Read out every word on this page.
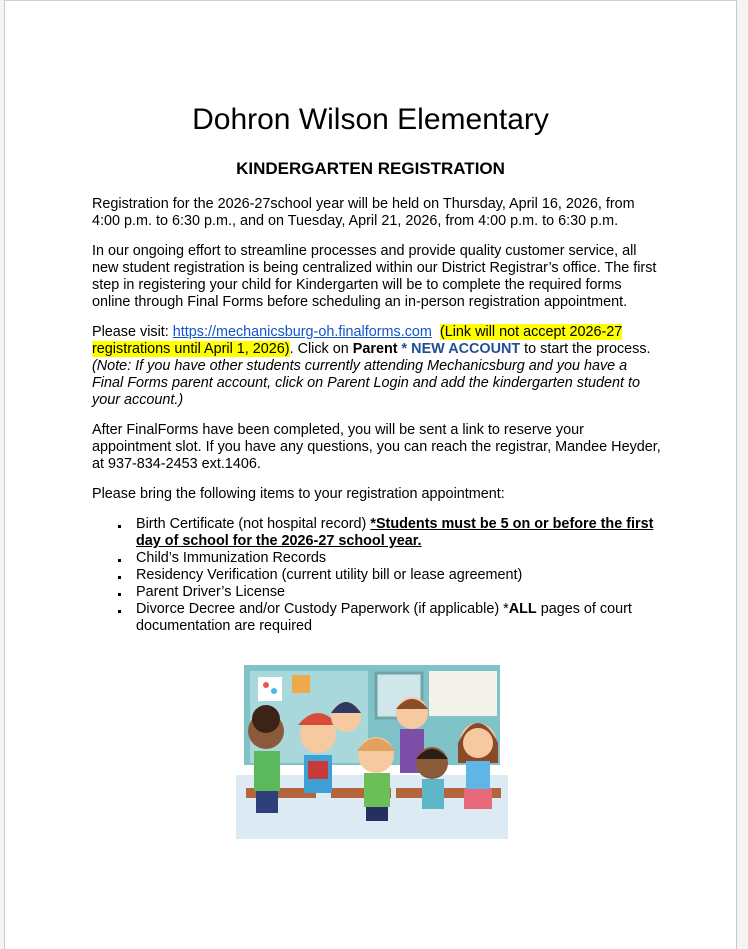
Dohron Wilson Elementary
KINDERGARTEN REGISTRATION

Registration for the 2026-27school year will be held on Thursday, April 16, 2026, from 4:00 p.m. to 6:30 p.m., and on Tuesday, April 21, 2026, from 4:00 p.m. to 6:30 p.m.

In our ongoing effort to streamline processes and provide quality customer service, all new student registration is being centralized within our District Registrar’s office. The first step in registering your child for Kindergarten will be to complete the required forms online through Final Forms before scheduling an in-person registration appointment.

Please visit: https://mechanicsburg-oh.finalforms.com (Link will not accept 2026-27 registrations until April 1, 2026). Click on Parent * NEW ACCOUNT to start the process.
(Note: If you have other students currently attending Mechanicsburg and you have a Final Forms parent account, click on Parent Login and add the kindergarten student to your account.)

After FinalForms have been completed, you will be sent a link to reserve your appointment slot. If you have any questions, you can reach the registrar, Mandee Heyder, at 937-834-2453 ext.1406.

Please bring the following items to your registration appointment:

Birth Certificate (not hospital record) *Students must be 5 on or before the first day of school for the 2026-27 school year.
Child’s Immunization Records
Residency Verification (current utility bill or lease agreement)
Parent Driver’s License
Divorce Decree and/or Custody Paperwork (if applicable) *ALL pages of court documentation are required
